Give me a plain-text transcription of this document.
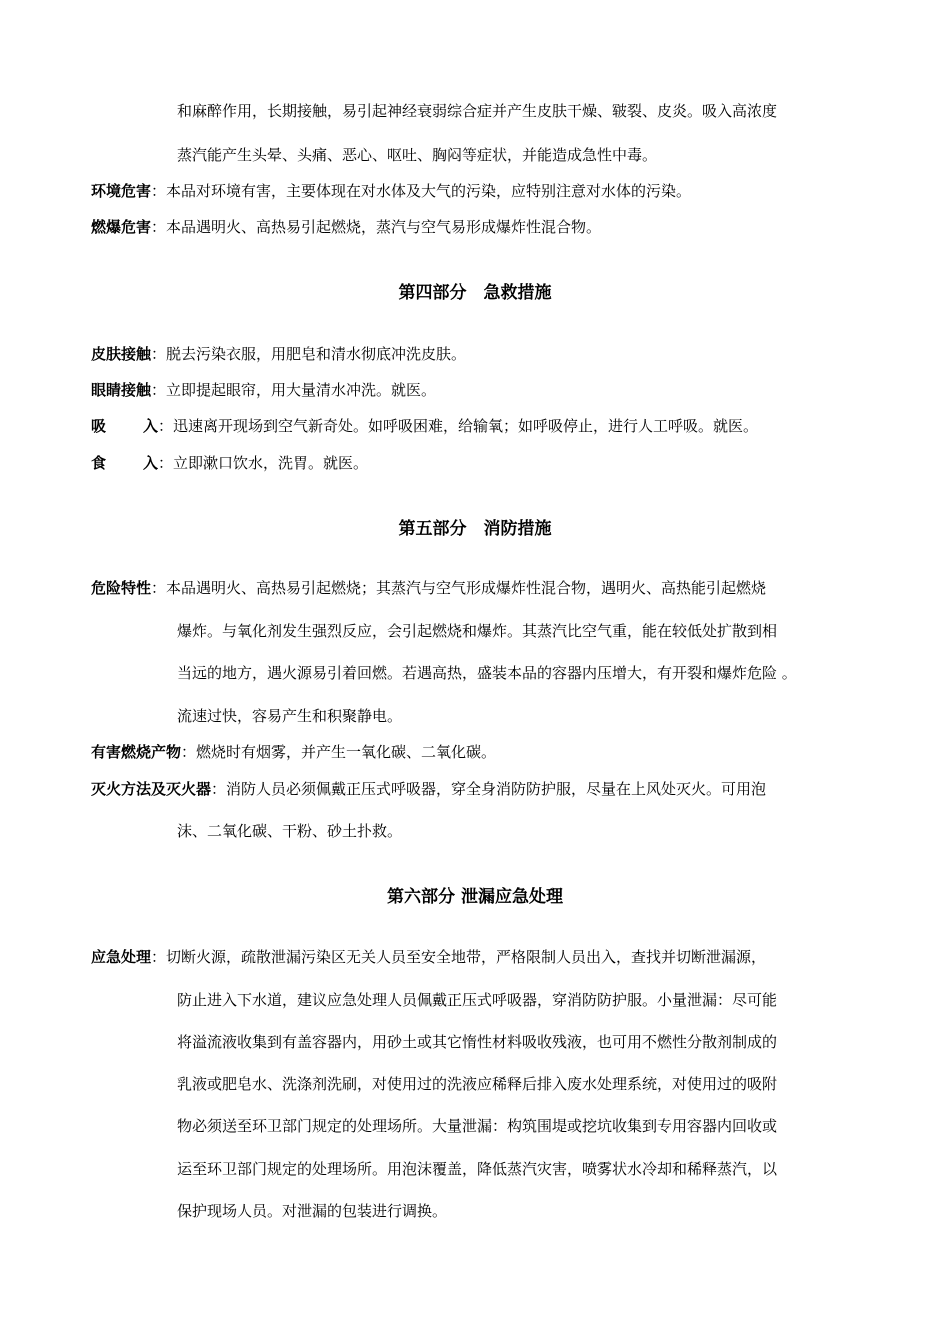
和麻醉作用，长期接触，易引起神经衰弱综合症并产生皮肤干燥、皲裂、皮炎。吸入高浓度
蒸汽能产生头晕、头痛、恶心、呕吐、胸闷等症状，并能造成急性中毒。
环境危害：本品对环境有害，主要体现在对水体及大气的污染，应特别注意对水体的污染。
燃爆危害：本品遇明火、高热易引起燃烧，蒸汽与空气易形成爆炸性混合物。
第四部分　急救措施
皮肤接触：脱去污染衣服，用肥皂和清水彻底冲洗皮肤。
眼睛接触：立即提起眼帘，用大量清水冲洗。就医。
吸 入：迅速离开现场到空气新奇处。如呼吸困难，给输氧；如呼吸停止，进行人工呼吸。就医。
食 入：立即漱口饮水，洗胃。就医。
第五部分　消防措施
危险特性：本品遇明火、高热易引起燃烧；其蒸汽与空气形成爆炸性混合物，遇明火、高热能引起燃烧
爆炸。与氧化剂发生强烈反应，会引起燃烧和爆炸。其蒸汽比空气重，能在较低处扩散到相
当远的地方，遇火源易引着回燃。若遇高热，盛装本品的容器内压增大，有开裂和爆炸危险 。
流速过快，容易产生和积聚静电。
有害燃烧产物：燃烧时有烟雾，并产生一氧化碳、二氧化碳。
灭火方法及灭火器：消防人员必须佩戴正压式呼吸器，穿全身消防防护服，尽量在上风处灭火。可用泡
沫、二氧化碳、干粉、砂土扑救。
第六部分 泄漏应急处理
应急处理：切断火源，疏散泄漏污染区无关人员至安全地带，严格限制人员出入，查找并切断泄漏源，
防止进入下水道，建议应急处理人员佩戴正压式呼吸器，穿消防防护服。小量泄漏：尽可能
将溢流液收集到有盖容器内，用砂土或其它惰性材料吸收残液，也可用不燃性分散剂制成的
乳液或肥皂水、洗涤剂洗刷，对使用过的洗液应稀释后排入废水处理系统，对使用过的吸附
物必须送至环卫部门规定的处理场所。大量泄漏：构筑围堤或挖坑收集到专用容器内回收或
运至环卫部门规定的处理场所。用泡沫覆盖，降低蒸汽灾害，喷雾状水冷却和稀释蒸汽，以
保护现场人员。对泄漏的包装进行调换。
